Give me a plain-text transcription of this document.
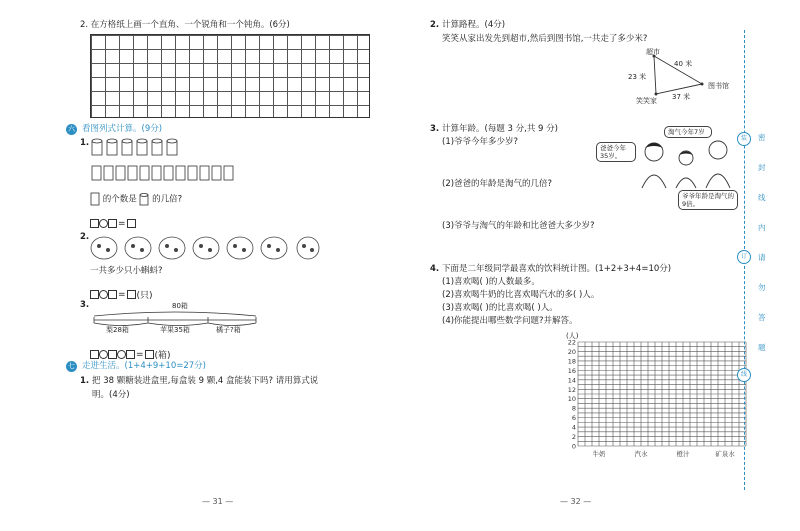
2. 在方格纸上画一个直角、一个锐角和一个钝角。(6分)
六 看图列式计算。(9分)
1.
的个数是 的几倍?
=
2.
一共多少只小蝌蚪?
= (只)
3.	80箱
梨28箱	苹果35箱	橘子?箱
= (箱)
七 走进生活。(1+4+9+10=27分)
1. 把 38 颗糖装进盒里,每盒装 9 颗,4 盒能装下吗? 请用算式说
明。(4分)
— 31 —
2. 计算路程。(4分)
笑笑从家出发先到超市,然后到图书馆,一共走了多少米?
超市
40 米
23 米
图书馆
37 米
笑笑家
3. 计算年龄。(每题 3 分,共 9 分)
(1)爷爷今年多少岁?
(2)爸爸的年龄是淘气的几倍?
(3)爷爷与淘气的年龄和比爸爸大多少岁?
爸爸今年35岁。
淘气今年7岁
爷爷年龄是淘气的9倍。
4. 下面是二年级同学最喜欢的饮料统计图。(1+2+3+4=10分)
(1)喜欢喝( )的人数最多。
(2)喜欢喝牛奶的比喜欢喝汽水的多( )人。
(3)喜欢喝( )的比喜欢喝( )人。
(4)你能提出哪些数学问题?并解答。
(人)
0
2
4
6
8
10
12
14
16
18
20
22
牛奶	汽水	橙汁	矿泉水
— 32 —
密
封
线
内
请
勿
答
题
装
订
线
